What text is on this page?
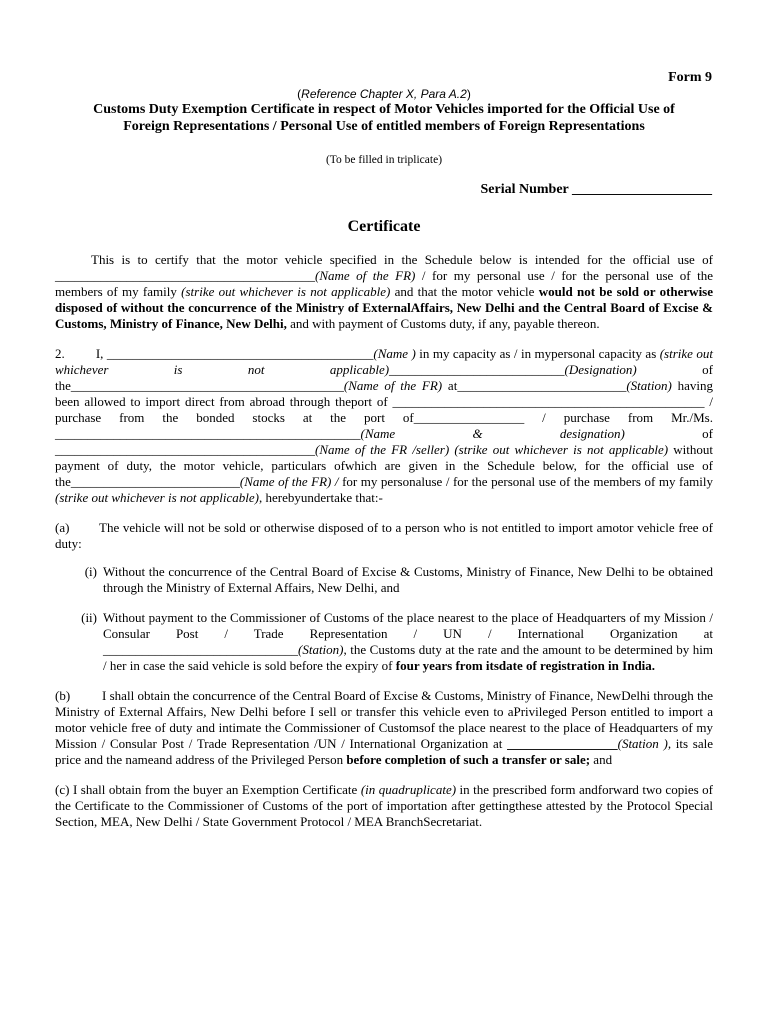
Form 9
(Reference Chapter X, Para A.2)
Customs Duty Exemption Certificate in respect of Motor Vehicles imported for the Official Use of Foreign Representations / Personal Use of entitled members of Foreign Representations
(To be filled in triplicate)
Serial Number ____________________
Certificate

This is to certify that the motor vehicle specified in the Schedule below is intended for the official use of ________________________________________(Name of the FR) / for my personal use / for the personal use of the members of my family (strike out whichever is not applicable) and that the motor vehicle would not be sold or otherwise disposed of without the concurrence of the Ministry of ExternalAffairs, New Delhi and the Central Board of Excise & Customs, Ministry of Finance, New Delhi, and with payment of Customs duty, if any, payable thereon.

2.         I, _________________________________________(Name ) in my capacity as / in mypersonal capacity as (strike out whichever is not applicable)___________________________(Designation) of the__________________________________________(Name of the FR) at__________________________(Station) having been allowed to import direct from abroad through theport of ________________________________________________ / purchase from the bonded stocks at the port of_________________ / purchase from Mr./Ms. _______________________________________________(Name & designation) of ________________________________________(Name of the FR /seller) (strike out whichever is not applicable) without payment of duty, the motor vehicle, particulars ofwhich are given in the Schedule below, for the official use of the__________________________(Name of the FR) / for my personaluse / for the personal use of the members of my family (strike out whichever is not applicable), herebyundertake that:-

(a) The vehicle will not be sold or otherwise disposed of to a person who is not entitled to import amotor vehicle free of duty:

(i) Without the concurrence of the Central Board of Excise & Customs, Ministry of Finance, New Delhi to be obtained through the Ministry of External Affairs, New Delhi, and
(ii) Without payment to the Commissioner of Customs of the place nearest to the place of Headquarters of my Mission / Consular Post / Trade Representation / UN / International Organization at ______________________________(Station), the Customs duty at the rate and the amount to be determined by him / her in case the said vehicle is sold before the expiry of four years from itsdate of registration in India.

(b) I shall obtain the concurrence of the Central Board of Excise & Customs, Ministry of Finance, NewDelhi through the Ministry of External Affairs, New Delhi before I sell or transfer this vehicle even to aPrivileged Person entitled to import a motor vehicle free of duty and intimate the Commissioner of Customsof the place nearest to the place of Headquarters of my Mission / Consular Post / Trade Representation /UN / International Organization at _________________(Station ), its sale price and the nameand address of the Privileged Person before completion of such a transfer or sale; and

(c) I shall obtain from the buyer an Exemption Certificate (in quadruplicate) in the prescribed form andforward two copies of the Certificate to the Commissioner of Customs of the port of importation after gettingthese attested by the Protocol Special Section, MEA, New Delhi / State Government Protocol / MEA BranchSecretariat.
